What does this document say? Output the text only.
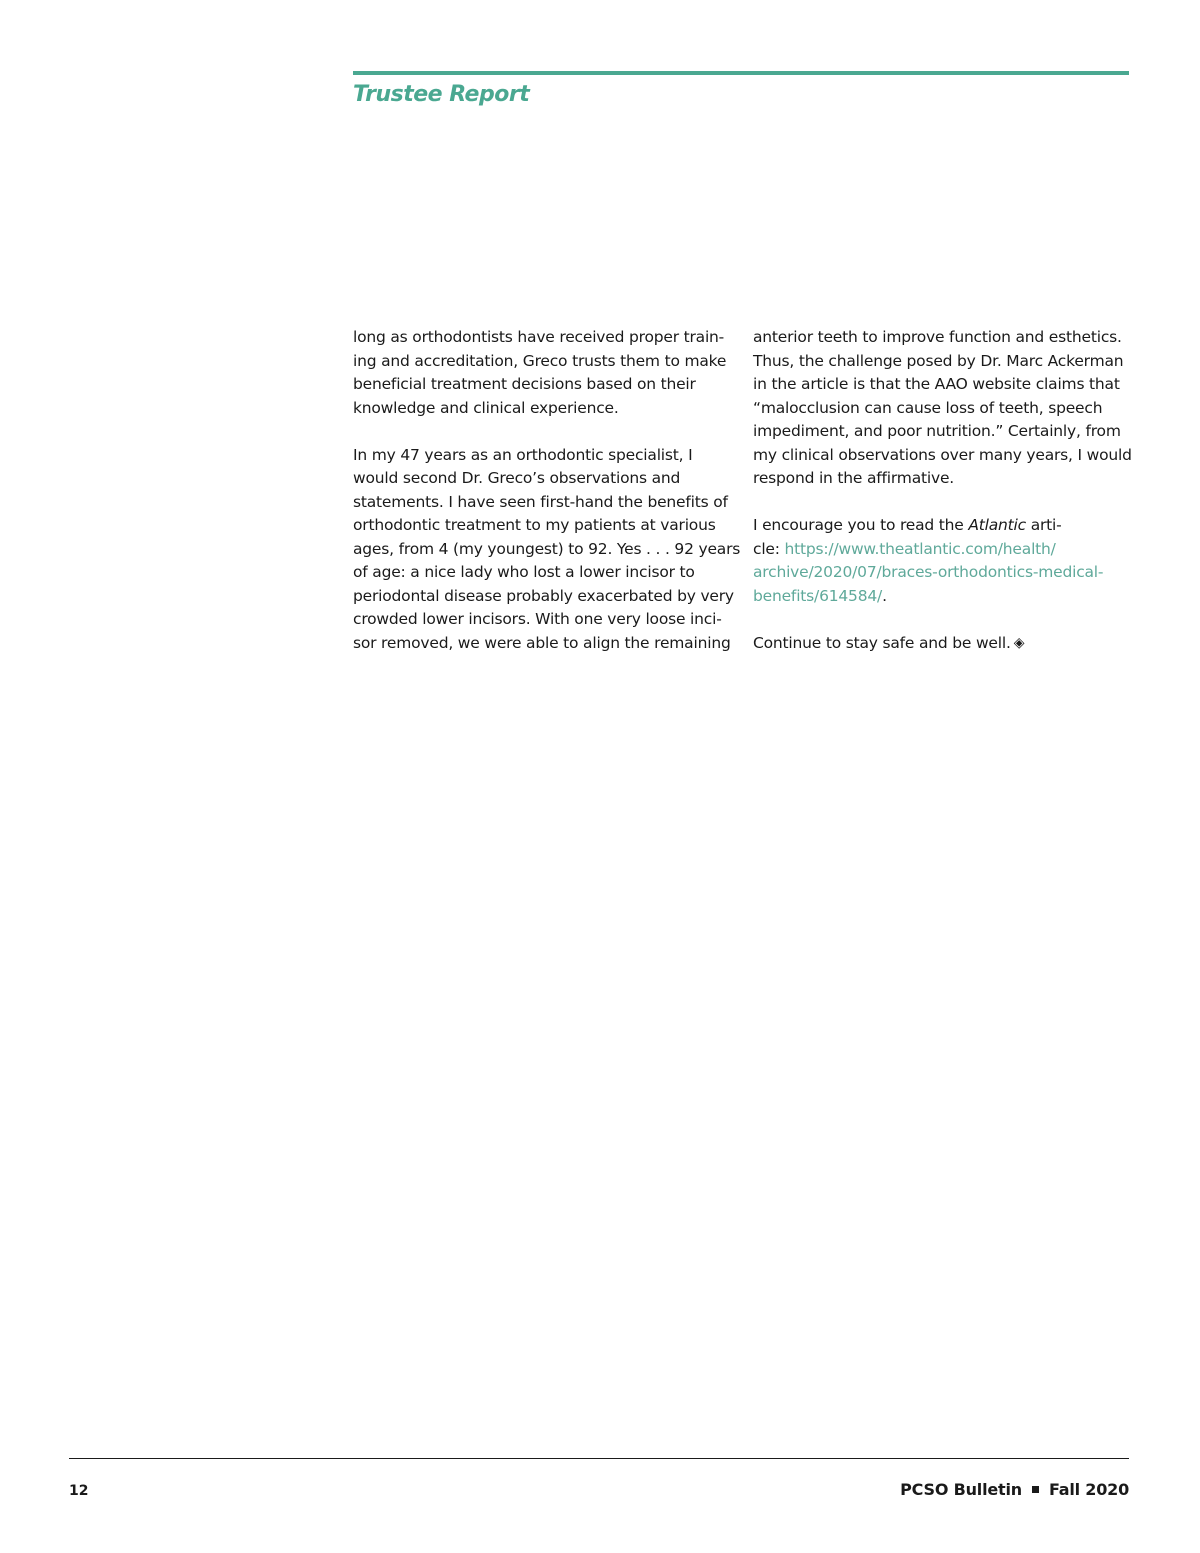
Trustee Report

long as orthodontists have received proper train-
ing and accreditation, Greco trusts them to make
beneficial treatment decisions based on their
knowledge and clinical experience.

In my 47 years as an orthodontic specialist, I
would second Dr. Greco’s observations and
statements. I have seen first-hand the benefits of
orthodontic treatment to my patients at various
ages, from 4 (my youngest) to 92. Yes . . . 92 years
of age: a nice lady who lost a lower incisor to
periodontal disease probably exacerbated by very
crowded lower incisors. With one very loose inci-
sor removed, we were able to align the remaining

anterior teeth to improve function and esthetics.
Thus, the challenge posed by Dr. Marc Ackerman
in the article is that the AAO website claims that
“malocclusion can cause loss of teeth, speech
impediment, and poor nutrition.” Certainly, from
my clinical observations over many years, I would
respond in the affirmative.

I encourage you to read the Atlantic arti-
cle: https://www.theatlantic.com/health/
archive/2020/07/braces-orthodontics-medical-
benefits/614584/.

Continue to stay safe and be well. ◈

12	PCSO Bulletin Fall 2020
